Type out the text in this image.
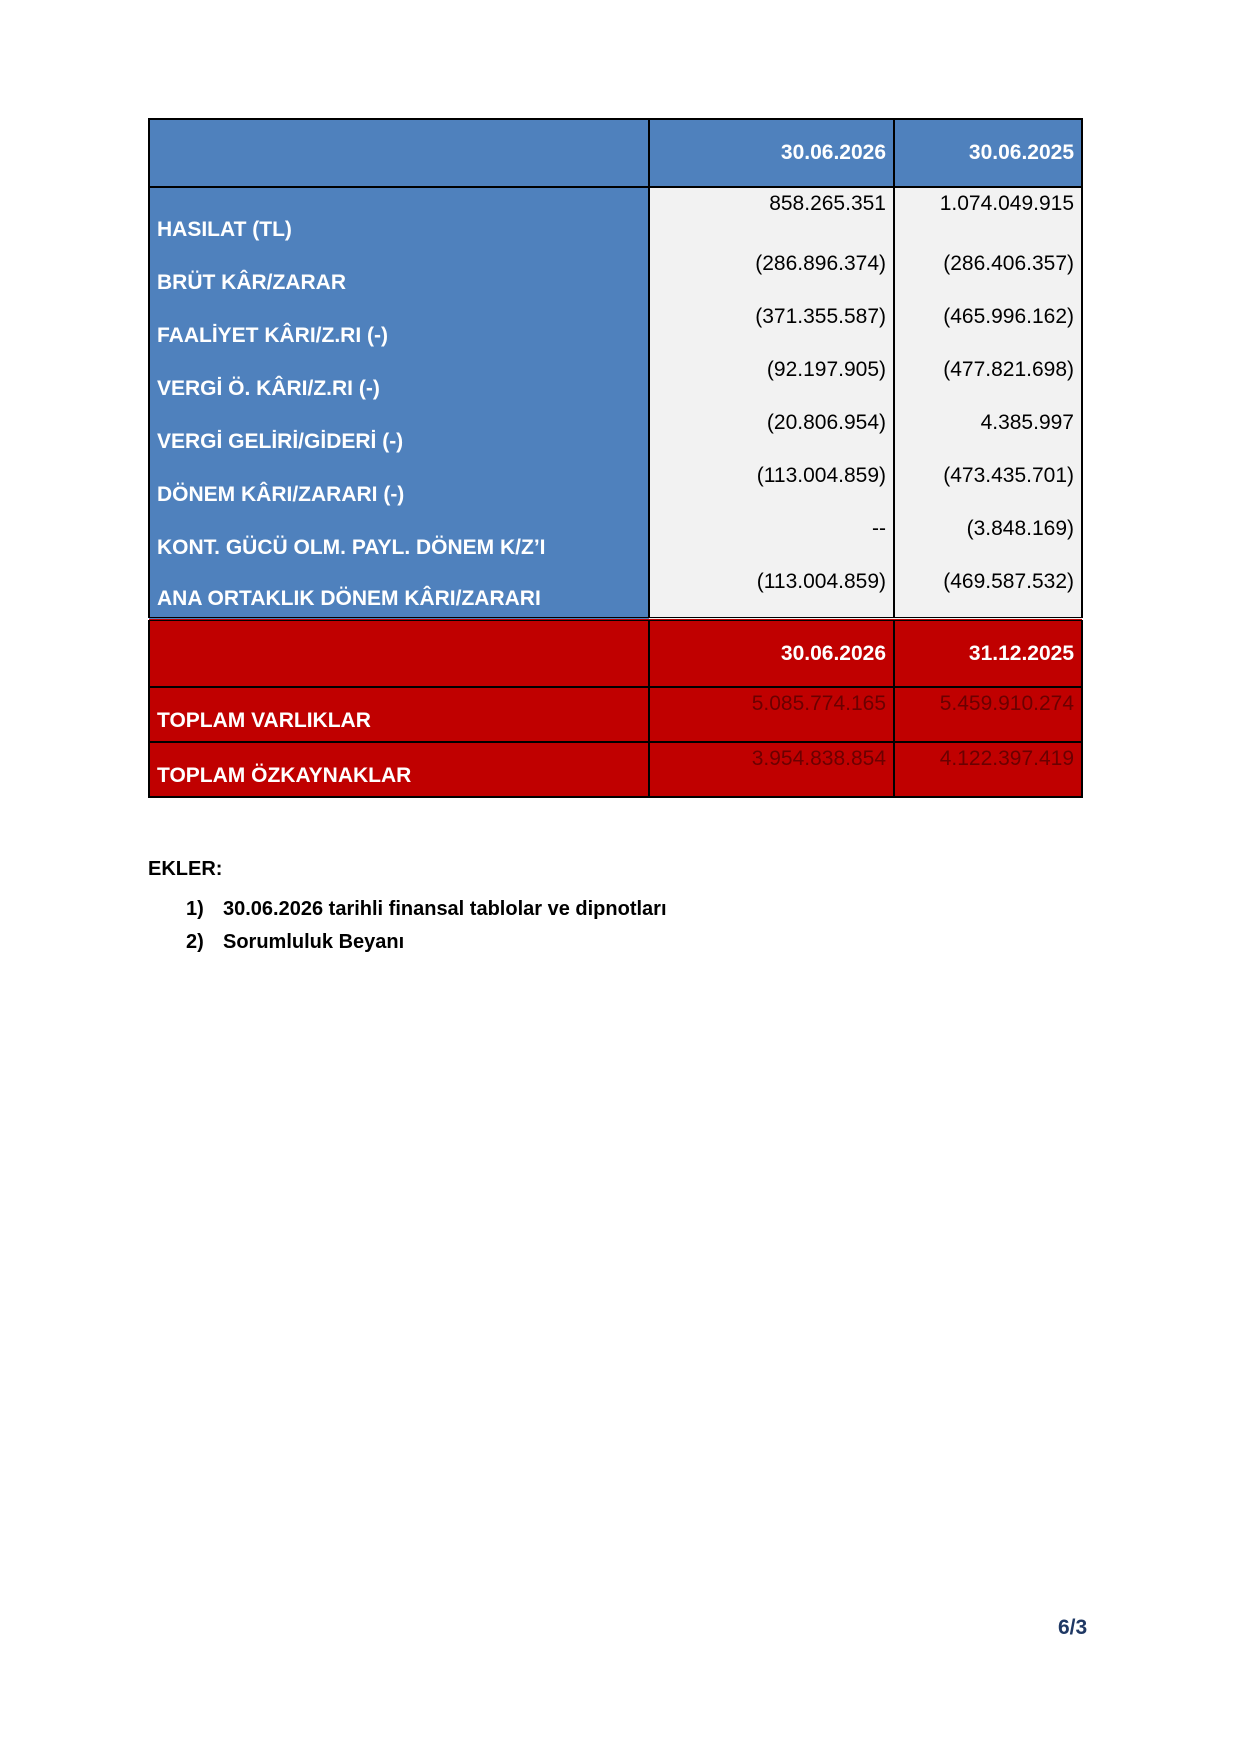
	30.06.2026	30.06.2025
HASILAT (TL)	858.265.351	1.074.049.915
BRÜT KÂR/ZARAR	(286.896.374)	(286.406.357)
FAALİYET KÂRI/Z.RI (-)	(371.355.587)	(465.996.162)
VERGİ Ö. KÂRI/Z.RI (-)	(92.197.905)	(477.821.698)
VERGİ GELİRİ/GİDERİ (-)	(20.806.954)	4.385.997
DÖNEM KÂRI/ZARARI (-)	(113.004.859)	(473.435.701)
KONT. GÜCÜ OLM. PAYL. DÖNEM K/Z’I	--	(3.848.169)
ANA ORTAKLIK DÖNEM KÂRI/ZARARI	(113.004.859)	(469.587.532)
	30.06.2026	31.12.2025
TOPLAM VARLIKLAR	5.085.774.165	5.459.910.274
TOPLAM ÖZKAYNAKLAR	3.954.838.854	4.122.397.419
EKLER:
1) 30.06.2026 tarihli finansal tablolar ve dipnotları
2) Sorumluluk Beyanı
6/3
